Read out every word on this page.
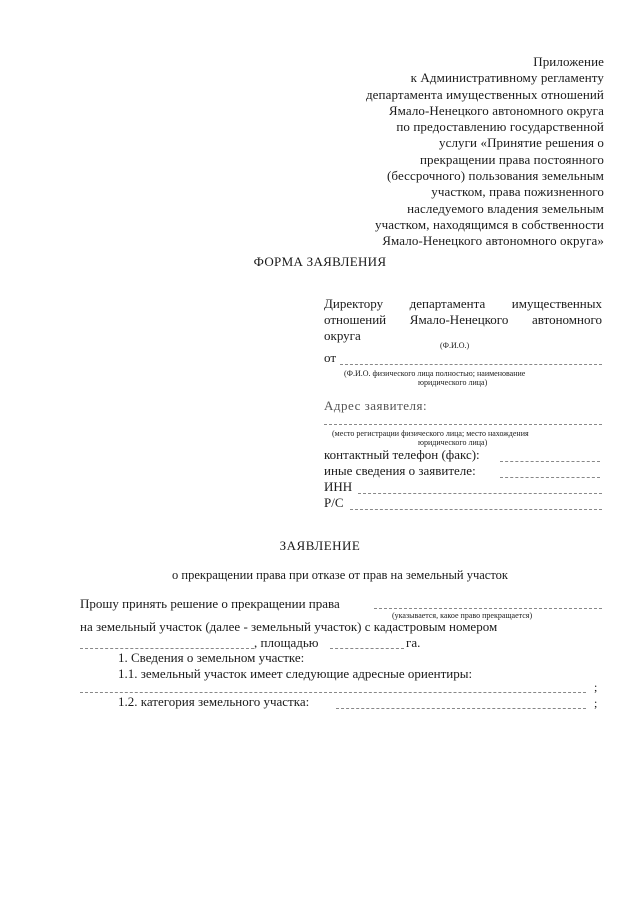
Приложение
к Административному регламенту
департамента имущественных отношений
Ямало-Ненецкого автономного округа
по предоставлению государственной
услуги «Принятие решения о
прекращении права постоянного
(бессрочного) пользования земельным
участком, права пожизненного
наследуемого владения земельным
участком, находящимся в собственности
Ямало-Ненецкого автономного округа»
ФОРМА ЗАЯВЛЕНИЯ
Директору департамента имущественных
отношений Ямало-Ненецкого автономного
округа
(Ф.И.О.)
от
(Ф.И.О. физического лица полностью; наименование
юридического лица)
Адрес заявителя:
(место регистрации физического лица; место нахождения
юридического лица)
контактный телефон (факс):
иные сведения о заявителе:
ИНН
Р/С
ЗАЯВЛЕНИЕ
о прекращении права при отказе от прав на земельный участок
Прошу принять решение о прекращении права
(указывается, какое право прекращается)
на земельный участок (далее - земельный участок) с кадастровым номером
, площадью	га.
1. Сведения о земельном участке:
1.1. земельный участок имеет следующие адресные ориентиры:
;
1.2. категория земельного участка:	;
